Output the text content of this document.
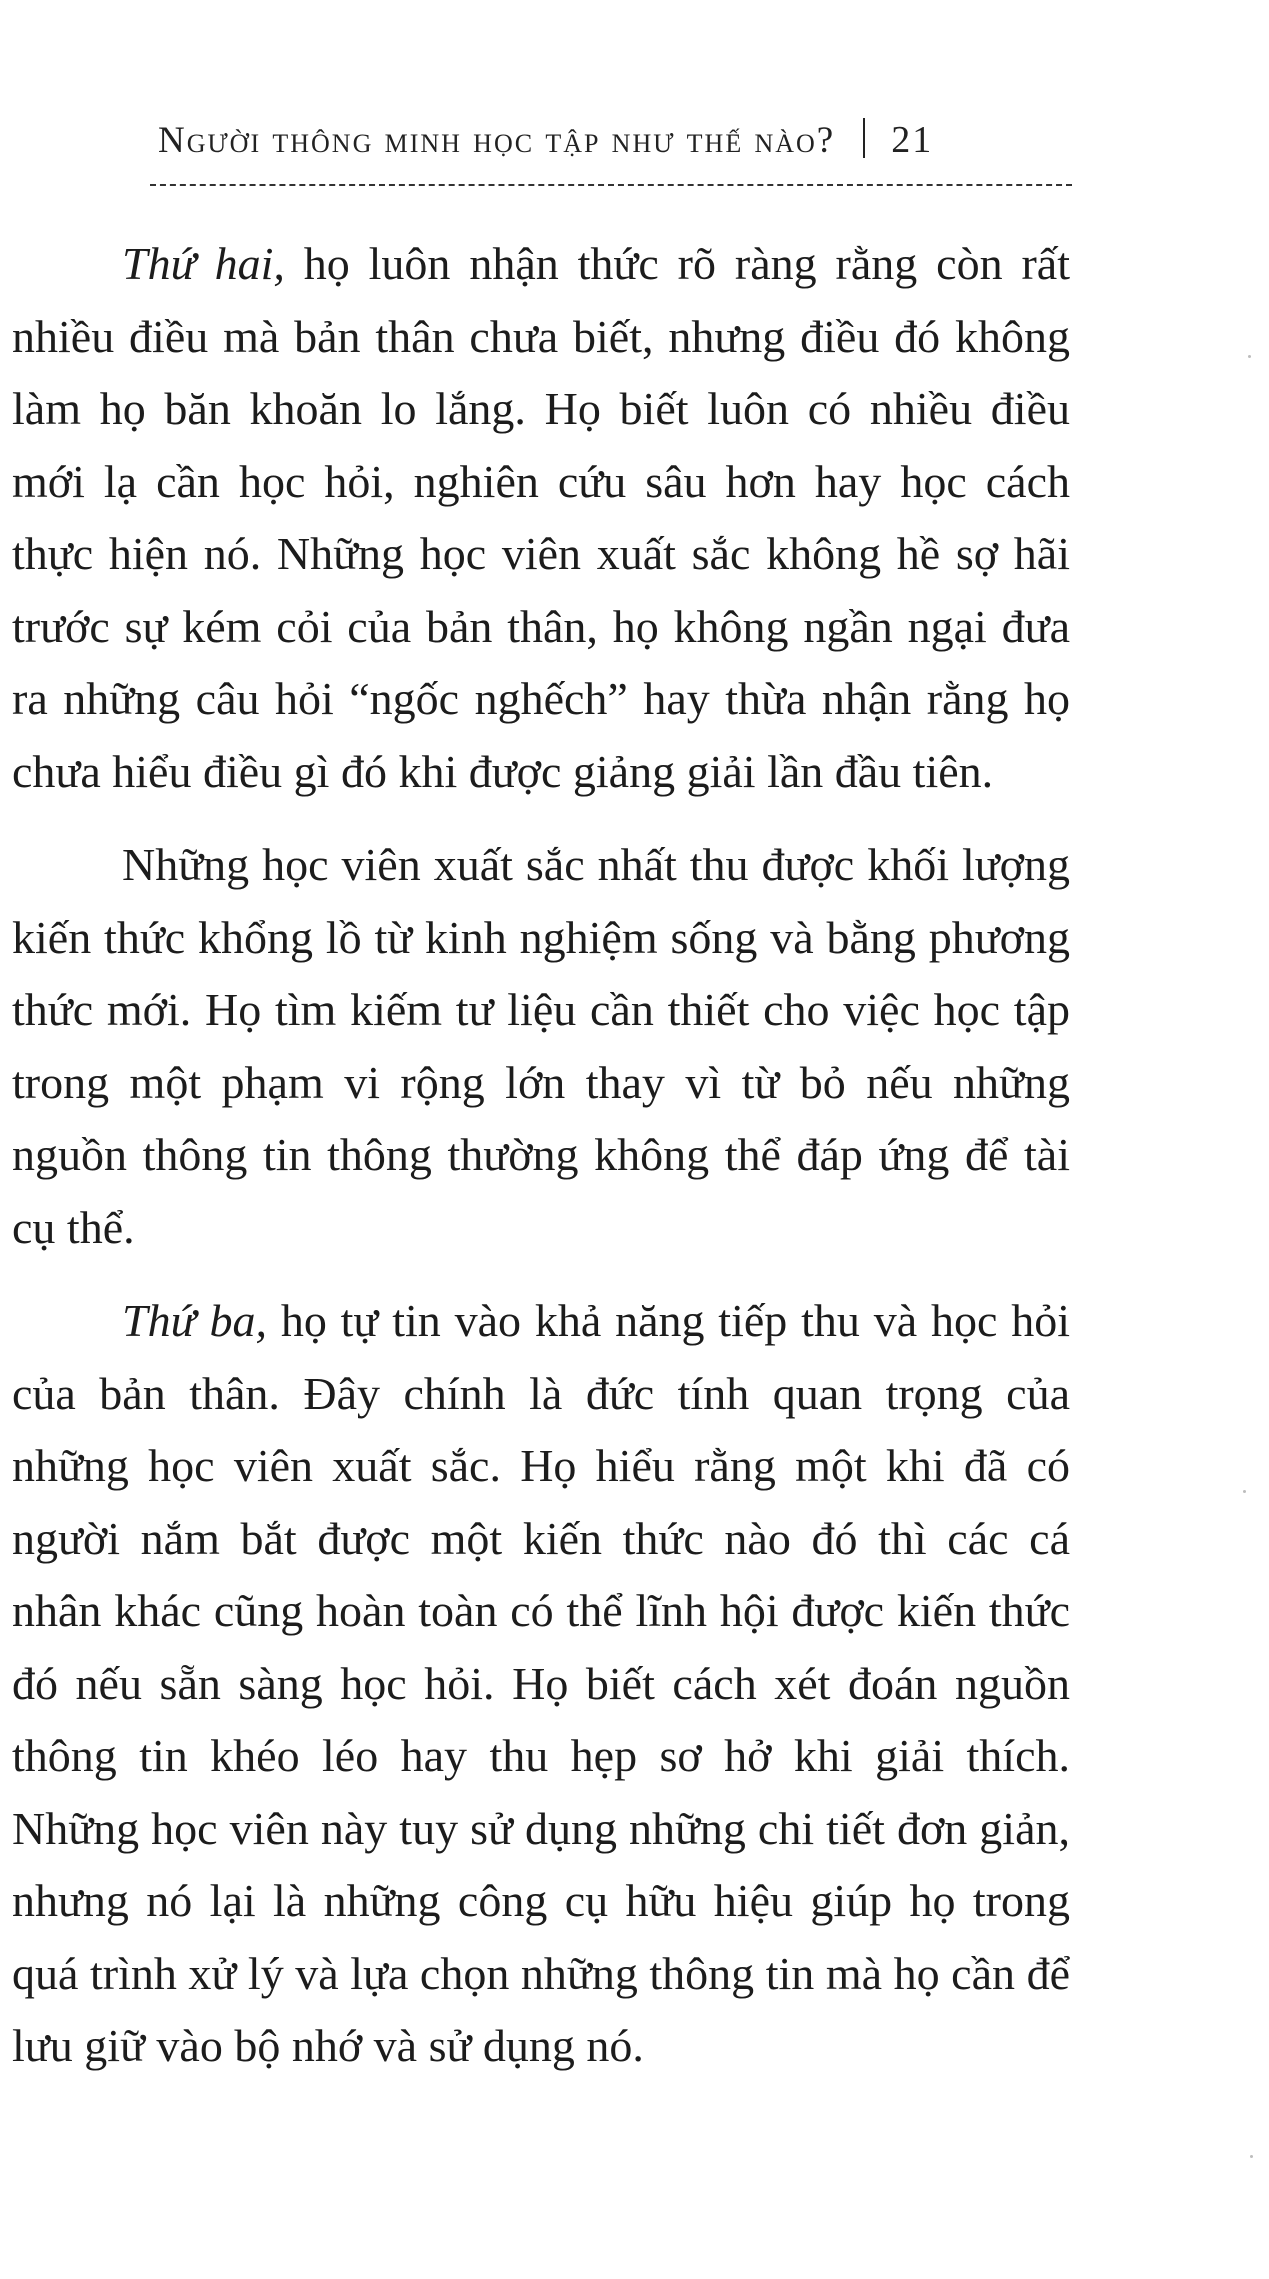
Người thông minh học tập như thế nào? 21

Thứ hai, họ luôn nhận thức rõ ràng rằng còn rất nhiều điều mà bản thân chưa biết, nhưng điều đó không làm họ băn khoăn lo lắng. Họ biết luôn có nhiều điều mới lạ cần học hỏi, nghiên cứu sâu hơn hay học cách thực hiện nó. Những học viên xuất sắc không hề sợ hãi trước sự kém cỏi của bản thân, họ không ngần ngại đưa ra những câu hỏi “ngốc nghếch” hay thừa nhận rằng họ chưa hiểu điều gì đó khi được giảng giải lần đầu tiên.

Những học viên xuất sắc nhất thu được khối lượng kiến thức khổng lồ từ kinh nghiệm sống và bằng phương thức mới. Họ tìm kiếm tư liệu cần thiết cho việc học tập trong một phạm vi rộng lớn thay vì từ bỏ nếu những nguồn thông tin thông thường không thể đáp ứng để tài cụ thể.

Thứ ba, họ tự tin vào khả năng tiếp thu và học hỏi của bản thân. Đây chính là đức tính quan trọng của những học viên xuất sắc. Họ hiểu rằng một khi đã có người nắm bắt được một kiến thức nào đó thì các cá nhân khác cũng hoàn toàn có thể lĩnh hội được kiến thức đó nếu sẵn sàng học hỏi. Họ biết cách xét đoán nguồn thông tin khéo léo hay thu hẹp sơ hở khi giải thích. Những học viên này tuy sử dụng những chi tiết đơn giản, nhưng nó lại là những công cụ hữu hiệu giúp họ trong quá trình xử lý và lựa chọn những thông tin mà họ cần để lưu giữ vào bộ nhớ và sử dụng nó.
